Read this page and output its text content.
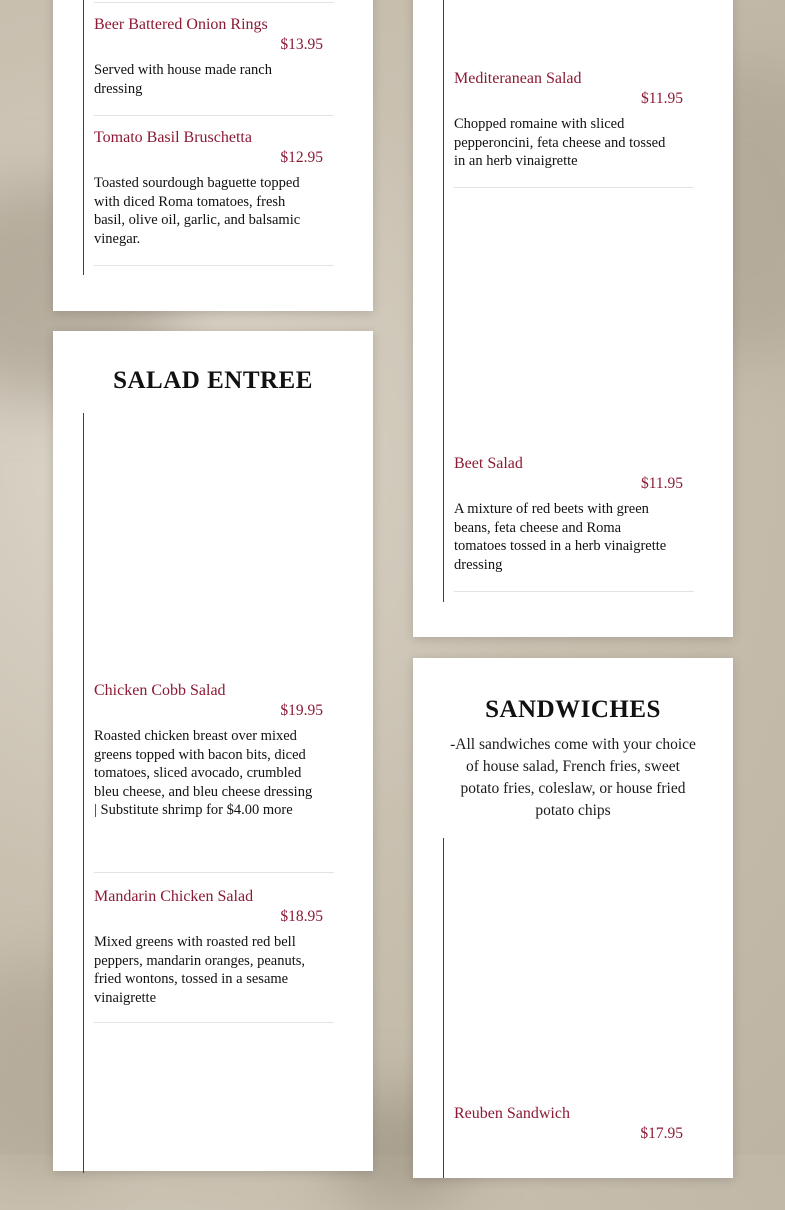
Beer Battered Onion Rings
$13.95
Served with house made ranch dressing
Tomato Basil Bruschetta
$12.95
Toasted sourdough baguette topped with diced Roma tomatoes, fresh basil, olive oil, garlic, and balsamic vinegar.
SALAD ENTREE
Chicken Cobb Salad
$19.95
Roasted chicken breast over mixed greens topped with bacon bits, diced tomatoes, sliced avocado, crumbled bleu cheese, and bleu cheese dressing | Substitute shrimp for $4.00 more
Mandarin Chicken Salad
$18.95
Mixed greens with roasted red bell peppers, mandarin oranges, peanuts, fried wontons, tossed in a sesame vinaigrette
Mediteranean Salad
$11.95
Chopped romaine with sliced pepperoncini, feta cheese and tossed in an herb vinaigrette
Beet Salad
$11.95
A mixture of red beets with green beans, feta cheese and Roma tomatoes tossed in a herb vinaigrette dressing
SANDWICHES
-All sandwiches come with your choice of house salad, French fries, sweet potato fries, coleslaw, or house fried potato chips
Reuben Sandwich
$17.95
